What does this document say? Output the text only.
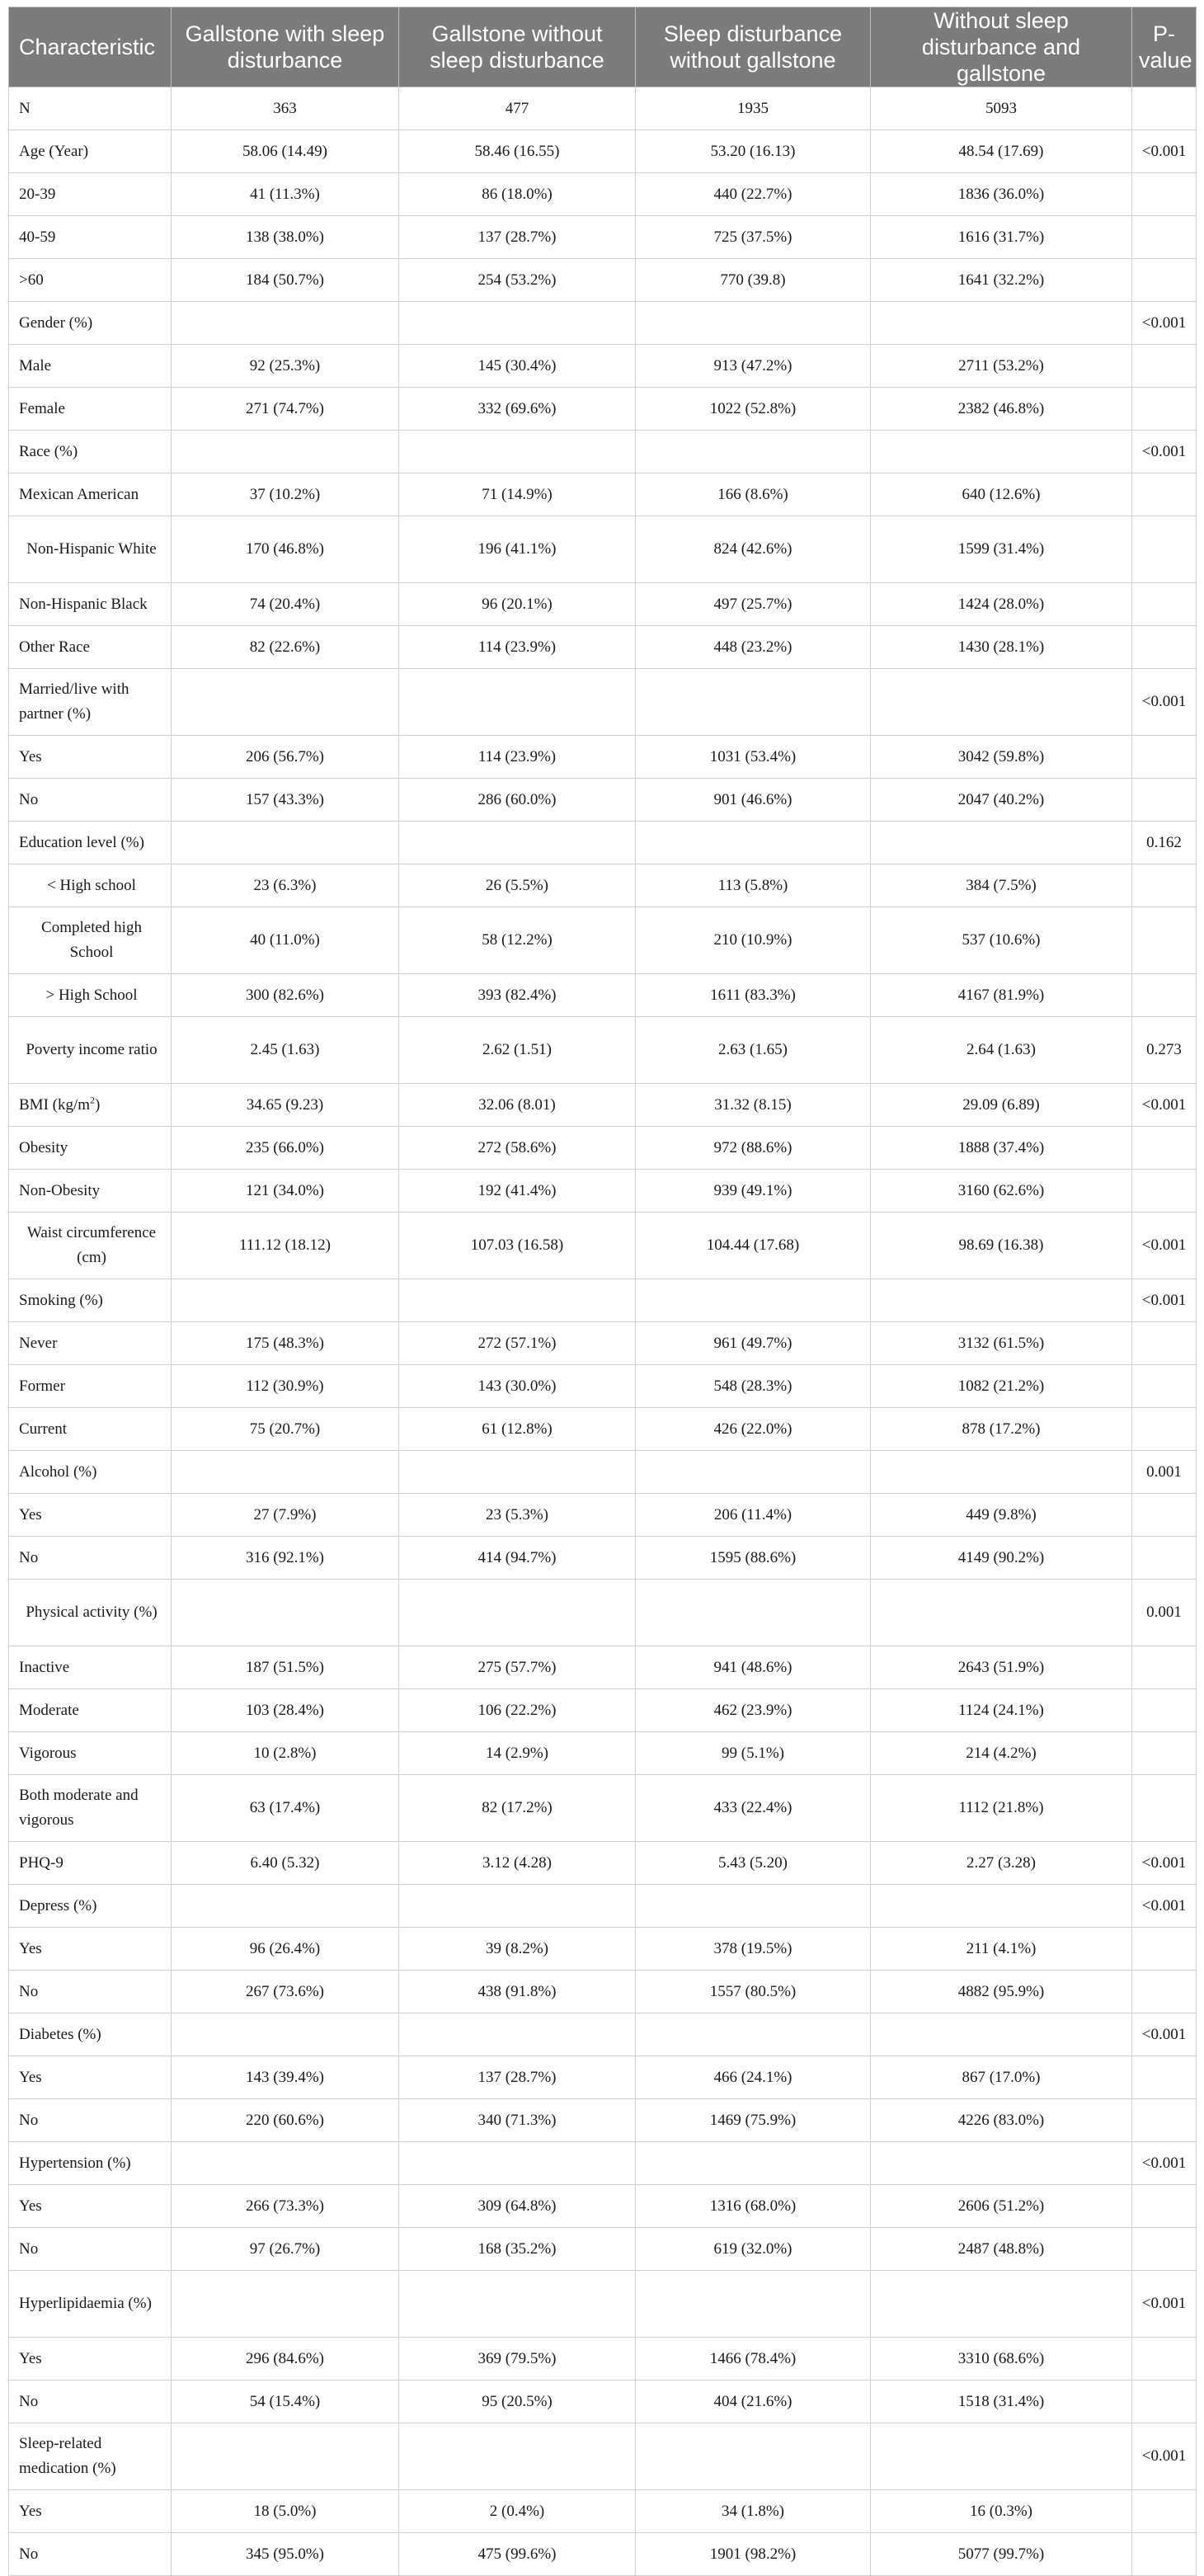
Characteristic	Gallstone with sleep disturbance	Gallstone without sleep disturbance	Sleep disturbance without gallstone	Without sleep disturbance and gallstone	P-value
N	363	477	1935	5093	
Age (Year)	58.06 (14.49)	58.46 (16.55)	53.20 (16.13)	48.54 (17.69)	<0.001
20-39	41 (11.3%)	86 (18.0%)	440 (22.7%)	1836 (36.0%)	
40-59	138 (38.0%)	137 (28.7%)	725 (37.5%)	1616 (31.7%)	
>60	184 (50.7%)	254 (53.2%)	770 (39.8)	1641 (32.2%)	
Gender (%)					<0.001
Male	92 (25.3%)	145 (30.4%)	913 (47.2%)	2711 (53.2%)	
Female	271 (74.7%)	332 (69.6%)	1022 (52.8%)	2382 (46.8%)	
Race (%)					<0.001
Mexican American	37 (10.2%)	71 (14.9%)	166 (8.6%)	640 (12.6%)	
Non-Hispanic White	170 (46.8%)	196 (41.1%)	824 (42.6%)	1599 (31.4%)	
Non-Hispanic Black	74 (20.4%)	96 (20.1%)	497 (25.7%)	1424 (28.0%)	
Other Race	82 (22.6%)	114 (23.9%)	448 (23.2%)	1430 (28.1%)	
Married/live with partner (%)					<0.001
Yes	206 (56.7%)	114 (23.9%)	1031 (53.4%)	3042 (59.8%)	
No	157 (43.3%)	286 (60.0%)	901 (46.6%)	2047 (40.2%)	
Education level (%)					0.162
< High school	23 (6.3%)	26 (5.5%)	113 (5.8%)	384 (7.5%)	
Completed high School	40 (11.0%)	58 (12.2%)	210 (10.9%)	537 (10.6%)	
> High School	300 (82.6%)	393 (82.4%)	1611 (83.3%)	4167 (81.9%)	
Poverty income ratio	2.45 (1.63)	2.62 (1.51)	2.63 (1.65)	2.64 (1.63)	0.273
BMI $(kg/m^2)$	34.65 (9.23)	32.06 (8.01)	31.32 (8.15)	29.09 (6.89)	<0.001
Obesity	235 (66.0%)	272 (58.6%)	972 (88.6%)	1888 (37.4%)	
Non-Obesity	121 (34.0%)	192 (41.4%)	939 (49.1%)	3160 (62.6%)	
Waist circumference (cm)	111.12 (18.12)	107.03 (16.58)	104.44 (17.68)	98.69 (16.38)	<0.001
Smoking (%)					<0.001
Never	175 (48.3%)	272 (57.1%)	961 (49.7%)	3132 (61.5%)	
Former	112 (30.9%)	143 (30.0%)	548 (28.3%)	1082 (21.2%)	
Current	75 (20.7%)	61 (12.8%)	426 (22.0%)	878 (17.2%)	
Alcohol (%)					0.001
Yes	27 (7.9%)	23 (5.3%)	206 (11.4%)	449 (9.8%)	
No	316 (92.1%)	414 (94.7%)	1595 (88.6%)	4149 (90.2%)	
Physical activity (%)					0.001
Inactive	187 (51.5%)	275 (57.7%)	941 (48.6%)	2643 (51.9%)	
Moderate	103 (28.4%)	106 (22.2%)	462 (23.9%)	1124 (24.1%)	
Vigorous	10 (2.8%)	14 (2.9%)	99 (5.1%)	214 (4.2%)	
Both moderate and vigorous	63 (17.4%)	82 (17.2%)	433 (22.4%)	1112 (21.8%)	
PHQ-9	6.40 (5.32)	3.12 (4.28)	5.43 (5.20)	2.27 (3.28)	<0.001
Depress (%)					<0.001
Yes	96 (26.4%)	39 (8.2%)	378 (19.5%)	211 (4.1%)	
No	267 (73.6%)	438 (91.8%)	1557 (80.5%)	4882 (95.9%)	
Diabetes (%)					<0.001
Yes	143 (39.4%)	137 (28.7%)	466 (24.1%)	867 (17.0%)	
No	220 (60.6%)	340 (71.3%)	1469 (75.9%)	4226 (83.0%)	
Hypertension (%)					<0.001
Yes	266 (73.3%)	309 (64.8%)	1316 (68.0%)	2606 (51.2%)	
No	97 (26.7%)	168 (35.2%)	619 (32.0%)	2487 (48.8%)	
Hyperlipidaemia (%)					<0.001
Yes	296 (84.6%)	369 (79.5%)	1466 (78.4%)	3310 (68.6%)	
No	54 (15.4%)	95 (20.5%)	404 (21.6%)	1518 (31.4%)	
Sleep-related medication (%)					<0.001
Yes	18 (5.0%)	2 (0.4%)	34 (1.8%)	16 (0.3%)	
No	345 (95.0%)	475 (99.6%)	1901 (98.2%)	5077 (99.7%)	
